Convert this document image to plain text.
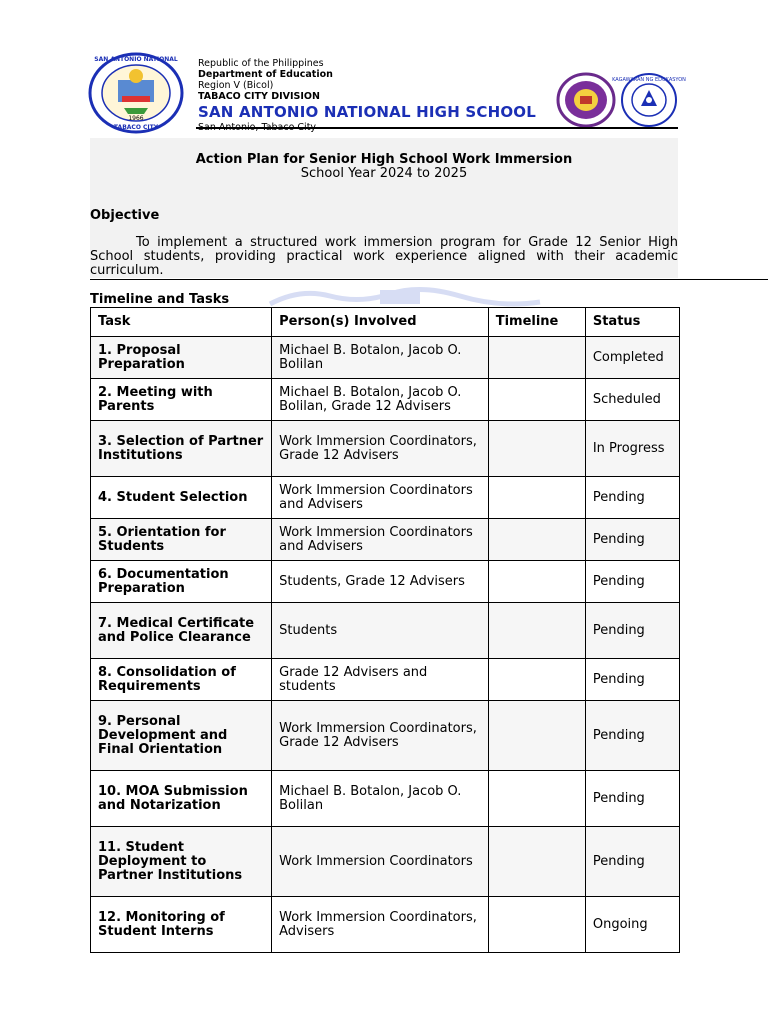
SAN ANTONIO NATIONAL
TABACO CITY
1966
Republic of the Philippines
Department of Education
Region V (Bicol)
TABACO CITY DIVISION
SAN ANTONIO NATIONAL HIGH SCHOOL
KAGAWARAN NG EDUKASYON
Action Plan for Senior High School Work Immersion
School Year 2024 to 2025
Objective
To implement a structured work immersion program for Grade 12 Senior High School students, providing practical work experience aligned with their academic curriculum.
Timeline and Tasks
Task	Person(s) Involved	Timeline	Status
1. Proposal Preparation	Michael B. Botalon, Jacob O. Bolilan		Completed
2. Meeting with Parents	Michael B. Botalon, Jacob O. Bolilan, Grade 12 Advisers		Scheduled
3. Selection of Partner Institutions	Work Immersion Coordinators, Grade 12 Advisers		In Progress
4. Student Selection	Work Immersion Coordinators and Advisers		Pending
5. Orientation for Students	Work Immersion Coordinators and Advisers		Pending
6. Documentation Preparation	Students, Grade 12 Advisers		Pending
7. Medical Certificate and Police Clearance	Students		Pending
8. Consolidation of Requirements	Grade 12 Advisers and students		Pending
9. Personal Development and Final Orientation	Work Immersion Coordinators, Grade 12 Advisers		Pending
10. MOA Submission and Notarization	Michael B. Botalon, Jacob O. Bolilan		Pending
11. Student Deployment to Partner Institutions	Work Immersion Coordinators		Pending
12. Monitoring of Student Interns	Work Immersion Coordinators, Advisers		Ongoing
